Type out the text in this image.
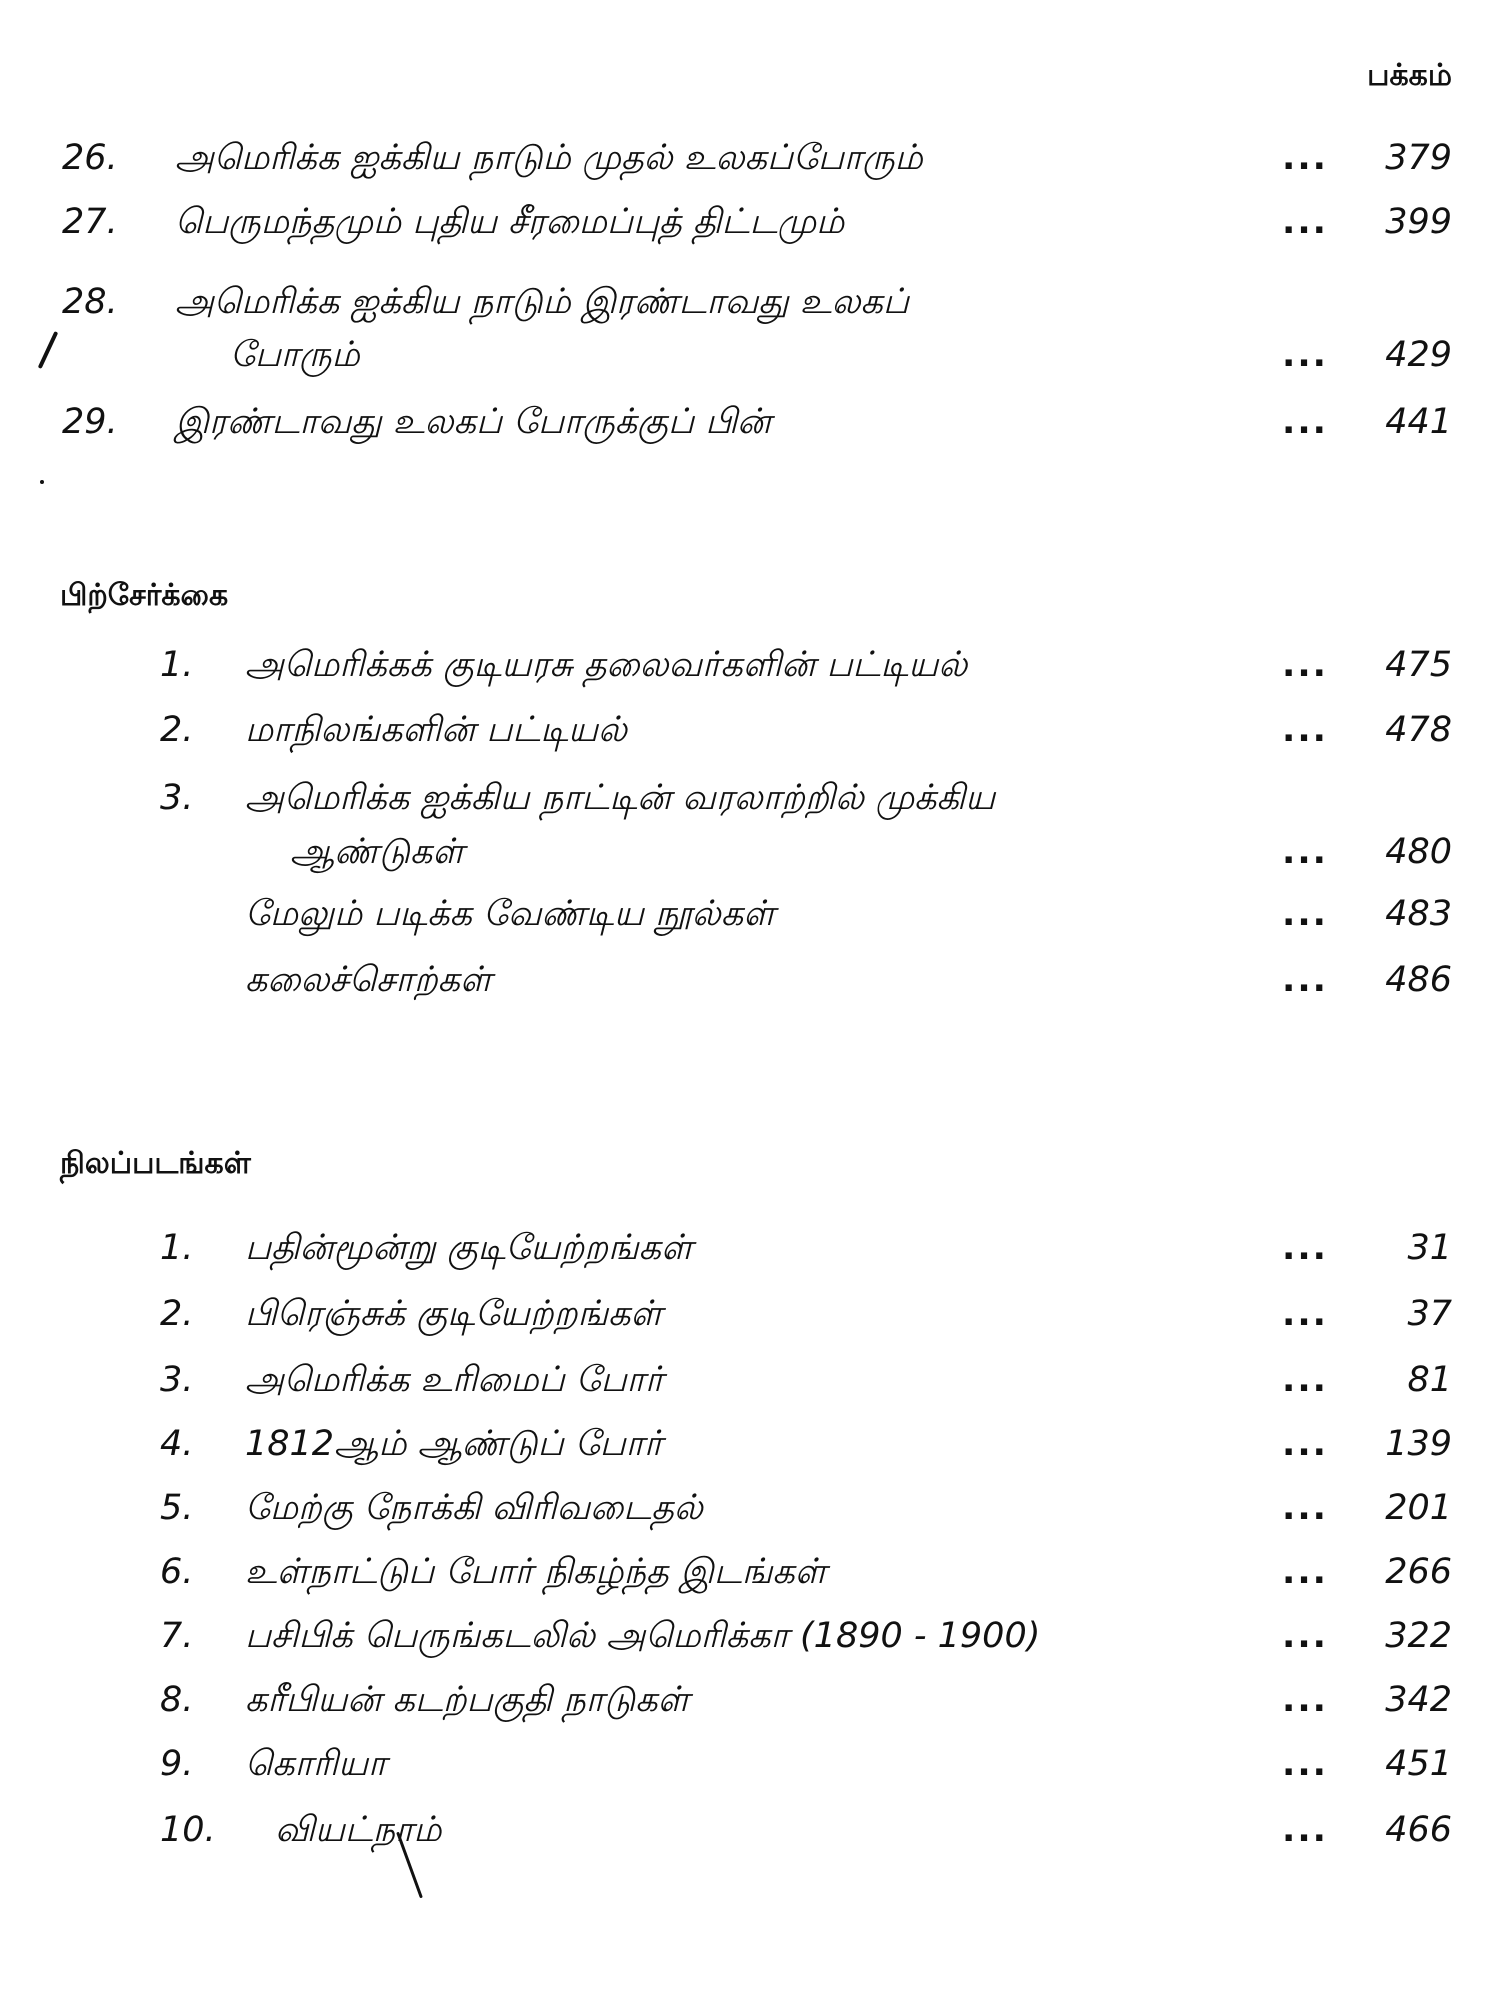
பக்கம்
26. அமெரிக்க ஐக்கிய நாடும் முதல் உலகப்போரும்	...	379
27. பெருமந்தமும் புதிய சீரமைப்புத் திட்டமும்	...	399
28. அமெரிக்க ஐக்கிய நாடும் இரண்டாவது உலகப்
போரும்	...	429
29. இரண்டாவது உலகப் போருக்குப் பின்	...	441
பிற்சேர்க்கை
1. அமெரிக்கக் குடியரசு தலைவர்களின் பட்டியல்	...	475
2. மாநிலங்களின் பட்டியல்	...	478
3. அமெரிக்க ஐக்கிய நாட்டின் வரலாற்றில் முக்கிய
ஆண்டுகள்	...	480
மேலும் படிக்க வேண்டிய நூல்கள்	...	483
கலைச்சொற்கள்	...	486
நிலப்படங்கள்
1. பதின்மூன்று குடியேற்றங்கள்	...	31
2. பிரெஞ்சுக் குடியேற்றங்கள்	...	37
3. அமெரிக்க உரிமைப் போர்	...	81
4. 1812ஆம் ஆண்டுப் போர்	...	139
5. மேற்கு நோக்கி விரிவடைதல்	...	201
6. உள்நாட்டுப் போர் நிகழ்ந்த இடங்கள்	...	266
7. பசிபிக் பெருங்கடலில் அமெரிக்கா (1890 - 1900)	...	322
8. கரீபியன் கடற்பகுதி நாடுகள்	...	342
9. கொரியா	...	451
10. வியட்நாம்	...	466
